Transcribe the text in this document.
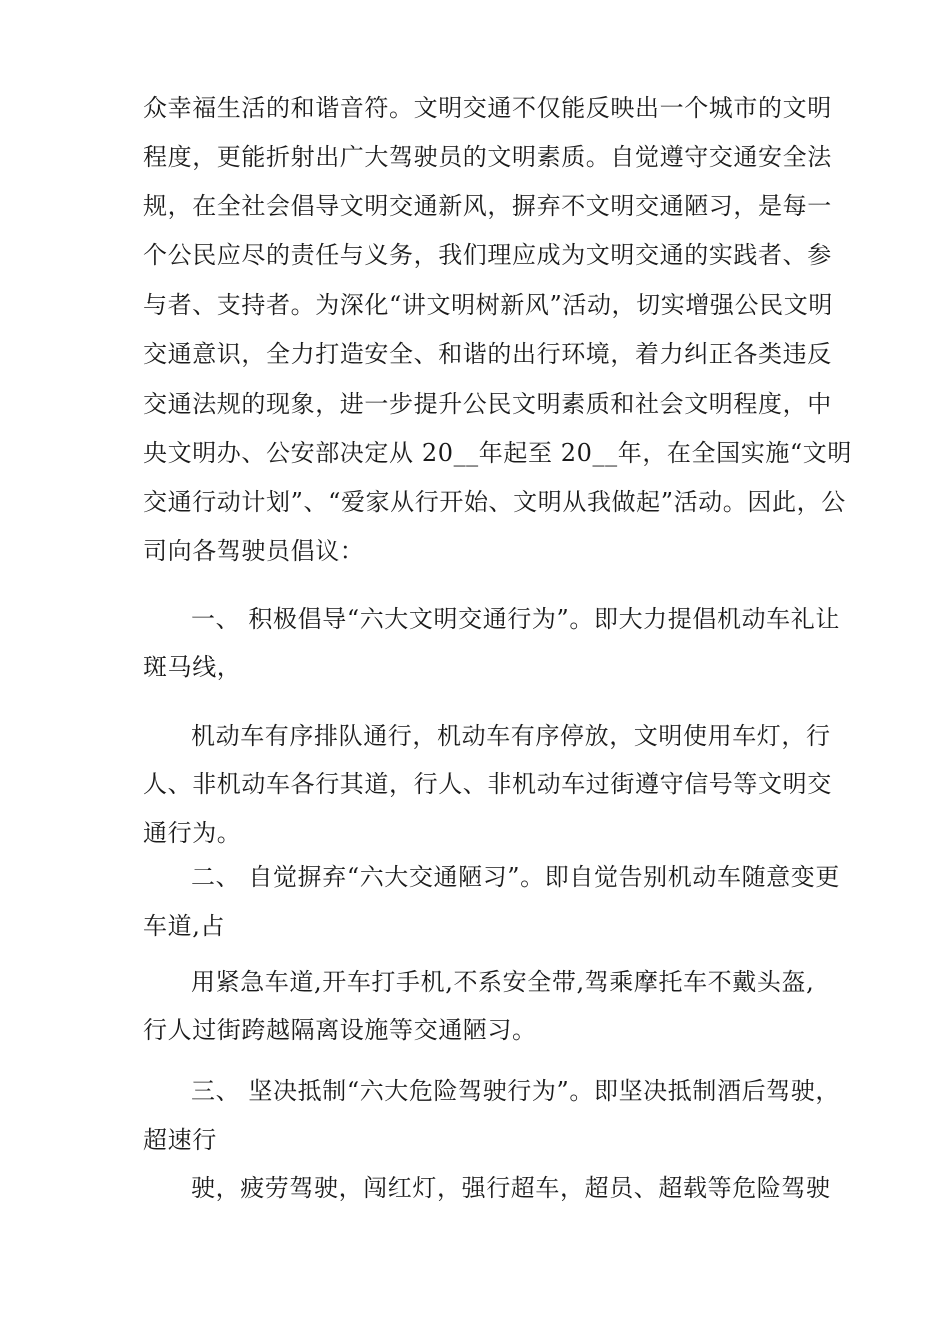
众幸福生活的和谐音符。文明交通不仅能反映出一个城市的文明
程度，更能折射出广大驾驶员的文明素质。自觉遵守交通安全法
规，在全社会倡导文明交通新风，摒弃不文明交通陋习，是每一
个公民应尽的责任与义务，我们理应成为文明交通的实践者、参
与者、支持者。为深化“讲文明树新风”活动，切实增强公民文明
交通意识，全力打造安全、和谐的出行环境，着力纠正各类违反
交通法规的现象，进一步提升公民文明素质和社会文明程度，中
央文明办、公安部决定从 20__年起至 20__年，在全国实施“文明
交通行动计划”、“爱家从行开始、文明从我做起”活动。因此，公
司向各驾驶员倡议：
一、 积极倡导“六大文明交通行为”。即大力提倡机动车礼让
斑马线，
机动车有序排队通行，机动车有序停放，文明使用车灯，行
人、非机动车各行其道，行人、非机动车过街遵守信号等文明交
通行为。
二、 自觉摒弃“六大交通陋习”。即自觉告别机动车随意变更
车道,占
用紧急车道,开车打手机,不系安全带,驾乘摩托车不戴头盔,
行人过街跨越隔离设施等交通陋习。
三、 坚决抵制“六大危险驾驶行为”。即坚决抵制酒后驾驶，
超速行
驶，疲劳驾驶，闯红灯，强行超车，超员、超载等危险驾驶
